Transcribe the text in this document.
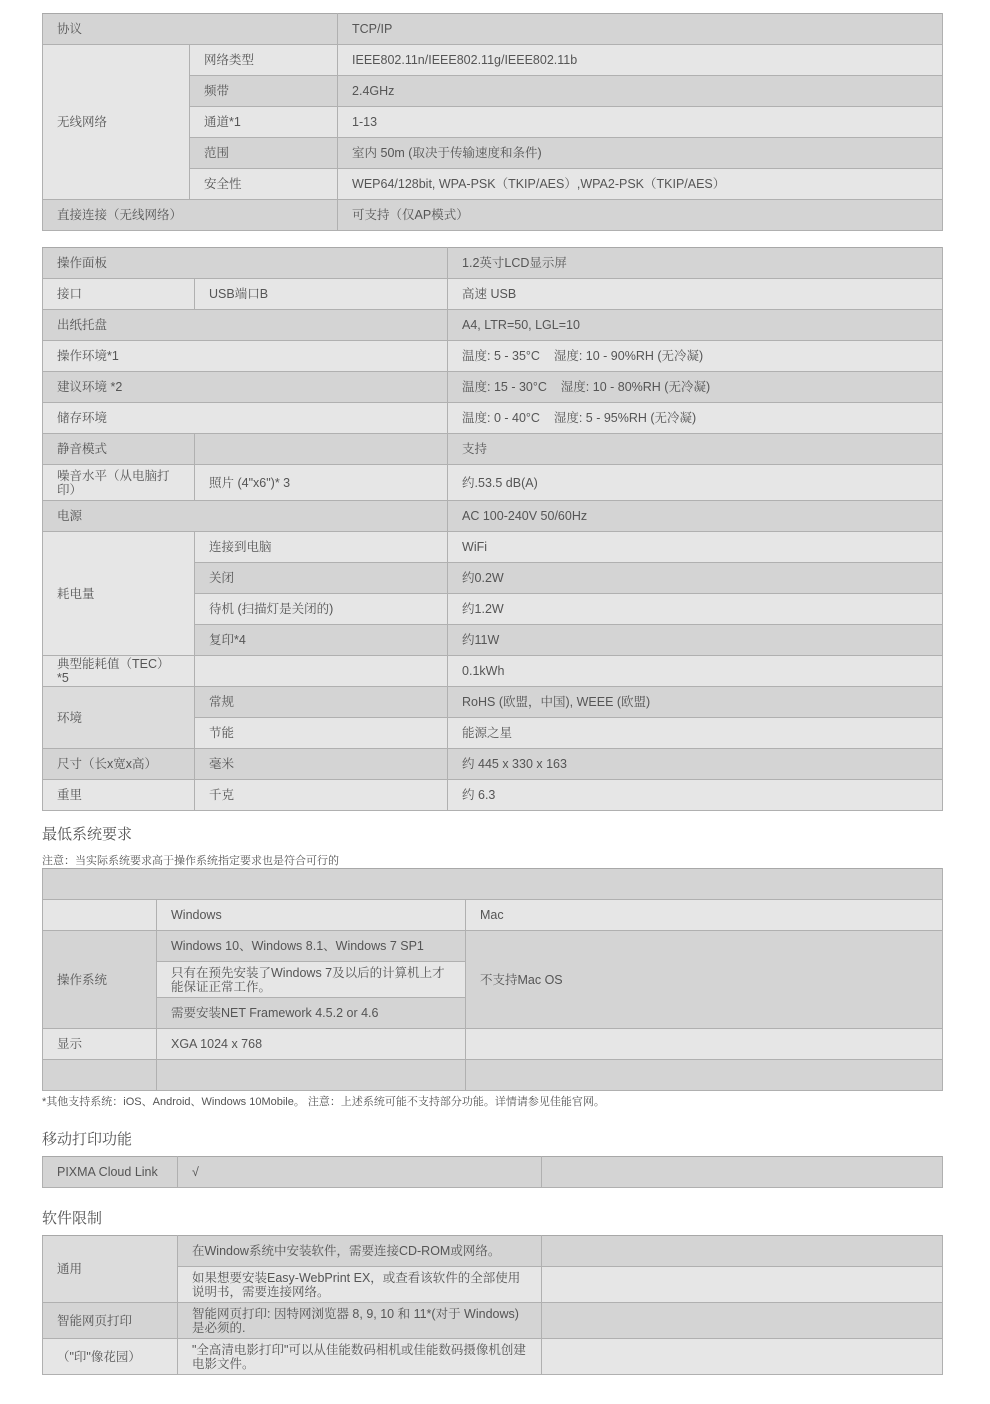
协议		TCP/IP
无线网络	网络类型	IEEE802.11n/IEEE802.11g/IEEE802.11b
	频带	2.4GHz
	通道*1	1-13
	范围	室内 50m (取决于传输速度和条件)
	安全性	WEP64/128bit, WPA-PSK（TKIP/AES）,WPA2-PSK（TKIP/AES）
直接连接（无线网络）		可支持（仅AP模式）
操作面板		1.2英寸LCD显示屏
接口	USB端口B	高速 USB
出纸托盘		A4, LTR=50, LGL=10
操作环境*1		温度: 5 - 35°C    湿度: 10 - 90%RH (无冷凝)
建议环境 *2		温度: 15 - 30°C    湿度: 10 - 80%RH (无冷凝)
储存环境		温度: 0 - 40°C    湿度: 5 - 95%RH (无冷凝)
静音模式		支持
噪音水平（从电脑打印）	照片 (4"x6")* 3	约.53.5 dB(A)
电源		AC 100-240V 50/60Hz
耗电量	连接到电脑	WiFi
	关闭	约0.2W
	待机 (扫描灯是关闭的)	约1.2W
	复印*4	约11W
典型能耗值（TEC）*5		0.1kWh
环境	常规	RoHS (欧盟，中国), WEEE (欧盟)
	节能	能源之星
尺寸（长x宽x高）	毫米	约 445 x 330 x 163
重里	千克	约 6.3
最低系统要求
注意：当实际系统要求高于操作系统指定要求也是符合可行的

	Windows	Mac
操作系统	Windows 10、Windows 8.1、Windows 7 SP1	不支持Mac OS
	只有在预先安装了Windows 7及以后的计算机上才能保证正常工作。	
	需要安装NET Framework 4.5.2 or 4.6	
显示	XGA 1024 x 768	

*其他支持系统：iOS、Android、Windows 10Mobile。 注意：上述系统可能不支持部分功能。详情请参见佳能官网。
移动打印功能
PIXMA Cloud Link	√	
软件限制
通用	在Window系统中安装软件，需要连接CD-ROM或网络。	
	如果想要安装Easy-WebPrint EX，或查看该软件的全部使用说明书，需要连接网络。	
智能网页打印	智能网页打印: 因特网浏览器 8, 9, 10 和 11*(对于 Windows) 是必须的.	
（"印"像花园）	"全高清电影打印"可以从佳能数码相机或佳能数码摄像机创建电影文件。	
